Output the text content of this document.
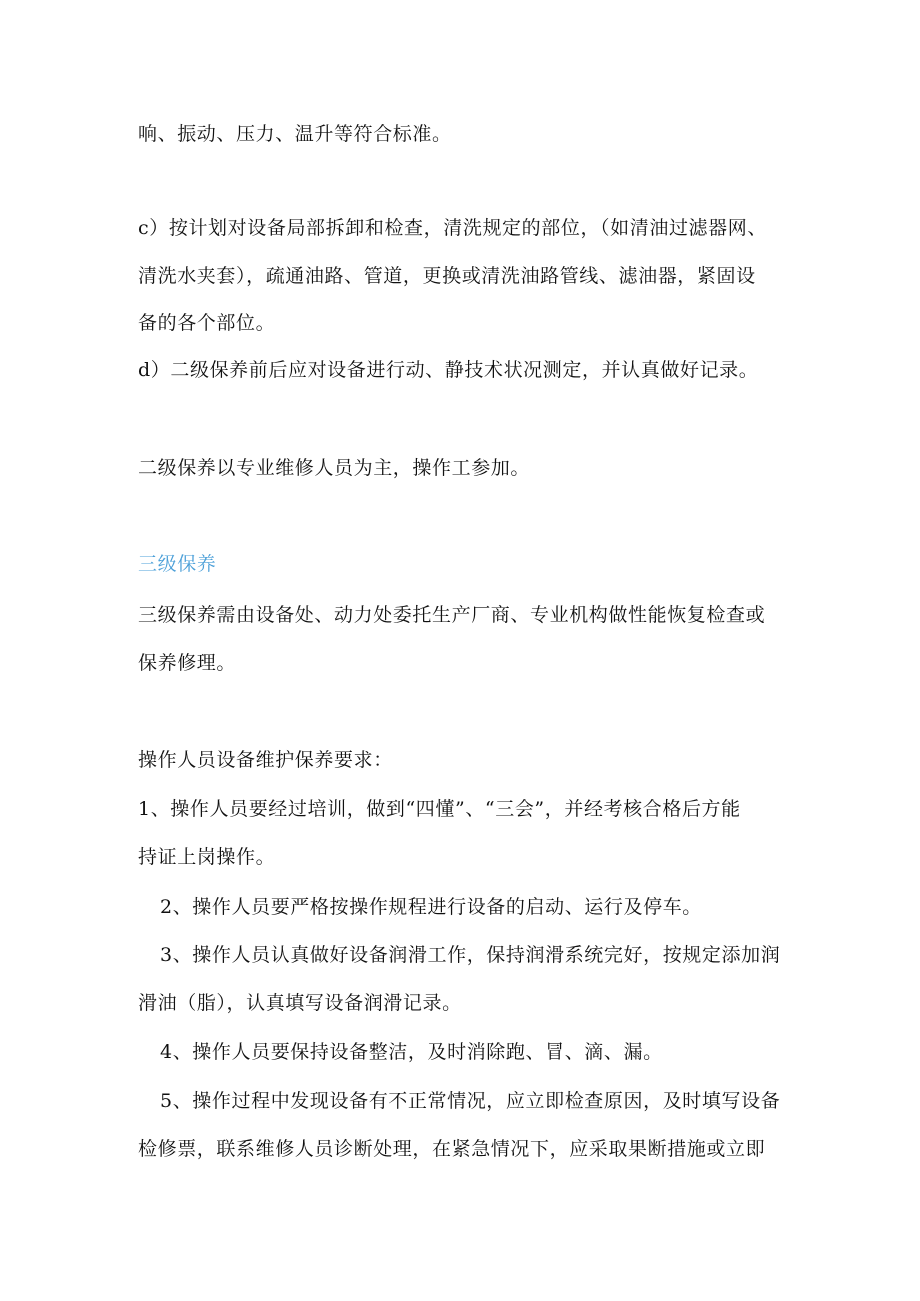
响、振动、压力、温升等符合标准。
c）按计划对设备局部拆卸和检查，清洗规定的部位，（如清油过滤器网、
清洗水夹套），疏通油路、管道，更换或清洗油路管线、滤油器，紧固设
备的各个部位。
d）二级保养前后应对设备进行动、静技术状况测定，并认真做好记录。
二级保养以专业维修人员为主，操作工参加。
三级保养
三级保养需由设备处、动力处委托生产厂商、专业机构做性能恢复检查或
保养修理。
操作人员设备维护保养要求：
1、操作人员要经过培训，做到“四懂”、“三会”，并经考核合格后方能
持证上岗操作。
2、操作人员要严格按操作规程进行设备的启动、运行及停车。
3、操作人员认真做好设备润滑工作，保持润滑系统完好，按规定添加润
滑油（脂），认真填写设备润滑记录。
4、操作人员要保持设备整洁，及时消除跑、冒、滴、漏。
5、操作过程中发现设备有不正常情况，应立即检查原因，及时填写设备
检修票，联系维修人员诊断处理，在紧急情况下，应采取果断措施或立即
